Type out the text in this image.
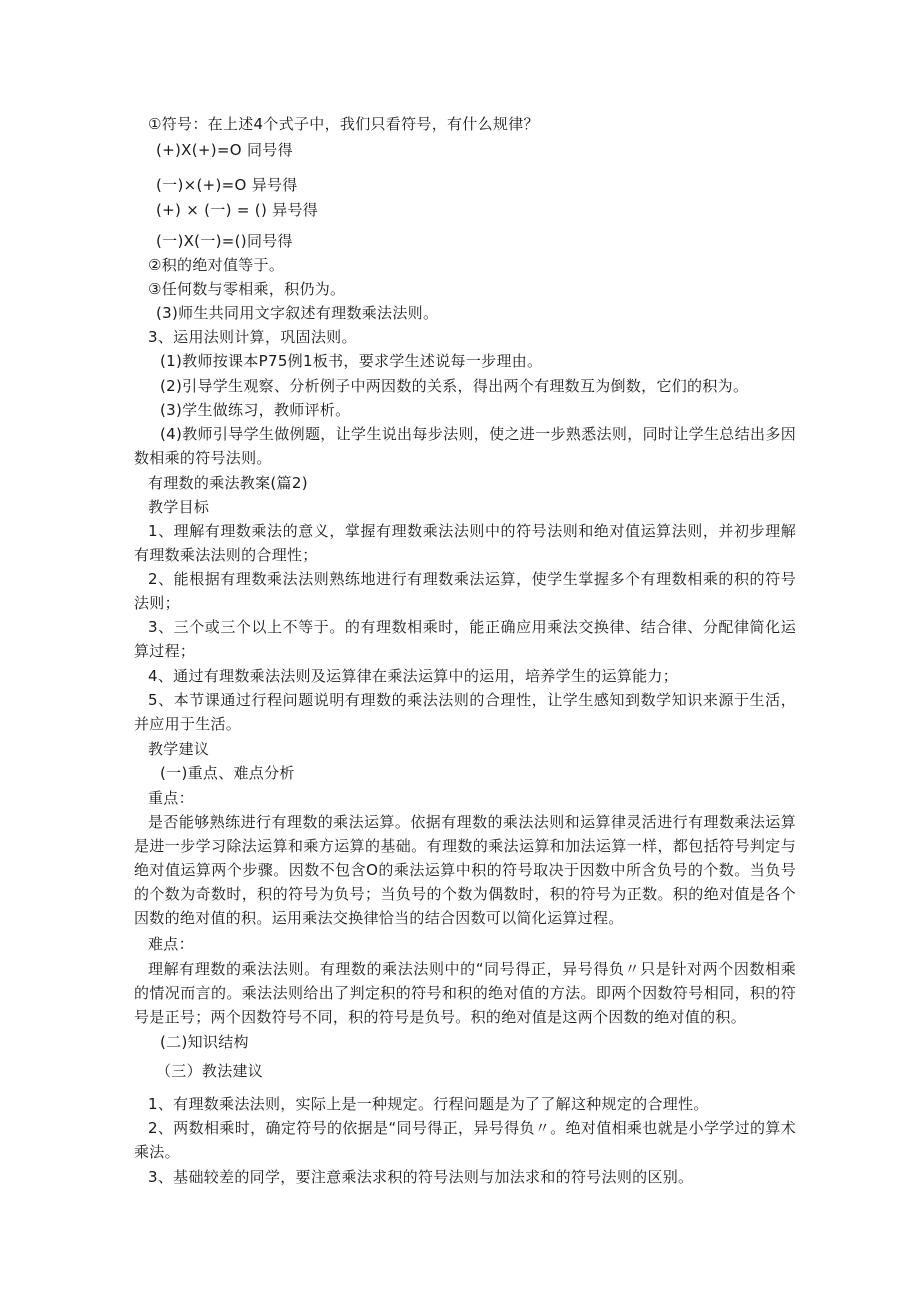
①符号：在上述4个式子中，我们只看符号，有什么规律？
(+)X(+)=O 同号得
(一)×(+)=O 异号得
(+) × (一) = () 异号得
(一)X(一)=()同号得
②积的绝对值等于。
③任何数与零相乘，积仍为。
(3)师生共同用文字叙述有理数乘法法则。
3、运用法则计算，巩固法则。
(1)教师按课本P75例1板书，要求学生述说每一步理由。
(2)引导学生观察、分析例子中两因数的关系，得出两个有理数互为倒数，它们的积为。
(3)学生做练习，教师评析。
(4)教师引导学生做例题，让学生说出每步法则，使之进一步熟悉法则，同时让学生总结出多因数相乘的符号法则。
有理数的乘法教案(篇2)
教学目标
1、理解有理数乘法的意义，掌握有理数乘法法则中的符号法则和绝对值运算法则，并初步理解有理数乘法法则的合理性；
2、能根据有理数乘法法则熟练地进行有理数乘法运算，使学生掌握多个有理数相乘的积的符号法则；
3、三个或三个以上不等于。的有理数相乘时，能正确应用乘法交换律、结合律、分配律简化运算过程；
4、通过有理数乘法法则及运算律在乘法运算中的运用，培养学生的运算能力；
5、本节课通过行程问题说明有理数的乘法法则的合理性，让学生感知到数学知识来源于生活，并应用于生活。
教学建议
(一)重点、难点分析
重点：
是否能够熟练进行有理数的乘法运算。依据有理数的乘法法则和运算律灵活进行有理数乘法运算是进一步学习除法运算和乘方运算的基础。有理数的乘法运算和加法运算一样，都包括符号判定与绝对值运算两个步骤。因数不包含O的乘法运算中积的符号取决于因数中所含负号的个数。当负号的个数为奇数时，积的符号为负号；当负号的个数为偶数时，积的符号为正数。积的绝对值是各个因数的绝对值的积。运用乘法交换律恰当的结合因数可以简化运算过程。
难点：
理解有理数的乘法法则。有理数的乘法法则中的“同号得正，异号得负〃只是针对两个因数相乘的情况而言的。乘法法则给出了判定积的符号和积的绝对值的方法。即两个因数符号相同，积的符号是正号；两个因数符号不同，积的符号是负号。积的绝对值是这两个因数的绝对值的积。
(二)知识结构
（三）教法建议
1、有理数乘法法则，实际上是一种规定。行程问题是为了了解这种规定的合理性。
2、两数相乘时，确定符号的依据是“同号得正，异号得负〃。绝对值相乘也就是小学学过的算术乘法。
3、基础较差的同学，要注意乘法求积的符号法则与加法求和的符号法则的区别。
